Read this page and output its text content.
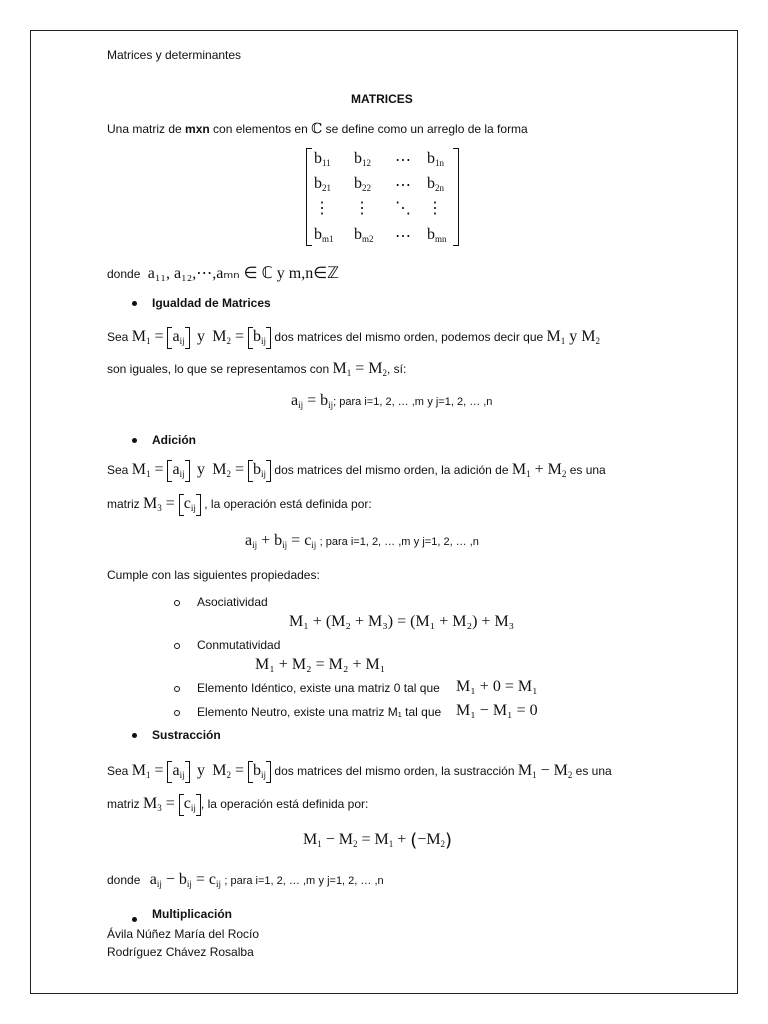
Matrices y determinantes
MATRICES
Una matriz de mxn con elementos en ℂ se define como un arreglo de la forma
$b_{11}$ $b_{12}$ ⋯ $b_{1n}$
$b_{21}$ $b_{22}$ ⋯ $b_{2n}$
⋮ ⋮ ⋱ ⋮
$b_{m1}$ $b_{m2}$ ⋯ $b_{mn}$
donde a₁₁, a₁₂,⋯,aₘₙ ∈ ℂ y m,n∈ℤ
Igualdad de Matrices
Sea $M_1 = a_{ij}$  y  $M_2 = b_{ij}$ dos matrices del mismo orden, podemos decir que $M_1$ y $M_2$
son iguales, lo que se representamos con $M_1 = M_2$, sí:
$a_{ij} = b_{ij}$; para i=1, 2, … ,m y j=1, 2, … ,n
Adición
Sea $M_1 = a_{ij}$  y  $M_2 = b_{ij}$ dos matrices del mismo orden, la adición de $M_1 + M_2$ es una
matriz $M_3 = c_{ij}$ , la operación está definida por:
$a_{ij} + b_{ij} = c_{ij}$ ; para i=1, 2, … ,m y j=1, 2, … ,n
Cumple con las siguientes propiedades:
Asociatividad
M₁ + (M₂ + M₃) = (M₁ + M₂) + M₃
Conmutatividad
M₁ + M₂ = M₂ + M₁
Elemento Idéntico, existe una matriz 0 tal que M₁ + 0 = M₁
Elemento Neutro, existe una matriz M₁ tal que M₁ − M₁ = 0
Sustracción
Sea $M_1 = a_{ij}$  y  $M_2 = b_{ij}$ dos matrices del mismo orden, la sustracción $M_1 - M_2$ es una
matriz $M_3 = c_{ij}$ , la operación está definida por:
$M_1 - M_2 = M_1 + (-M_2)$
donde $a_{ij} - b_{ij} = c_{ij}$ ; para i=1, 2, … ,m y j=1, 2, … ,n
Multiplicación
Ávila Núñez María del Rocío
Rodríguez Chávez Rosalba
